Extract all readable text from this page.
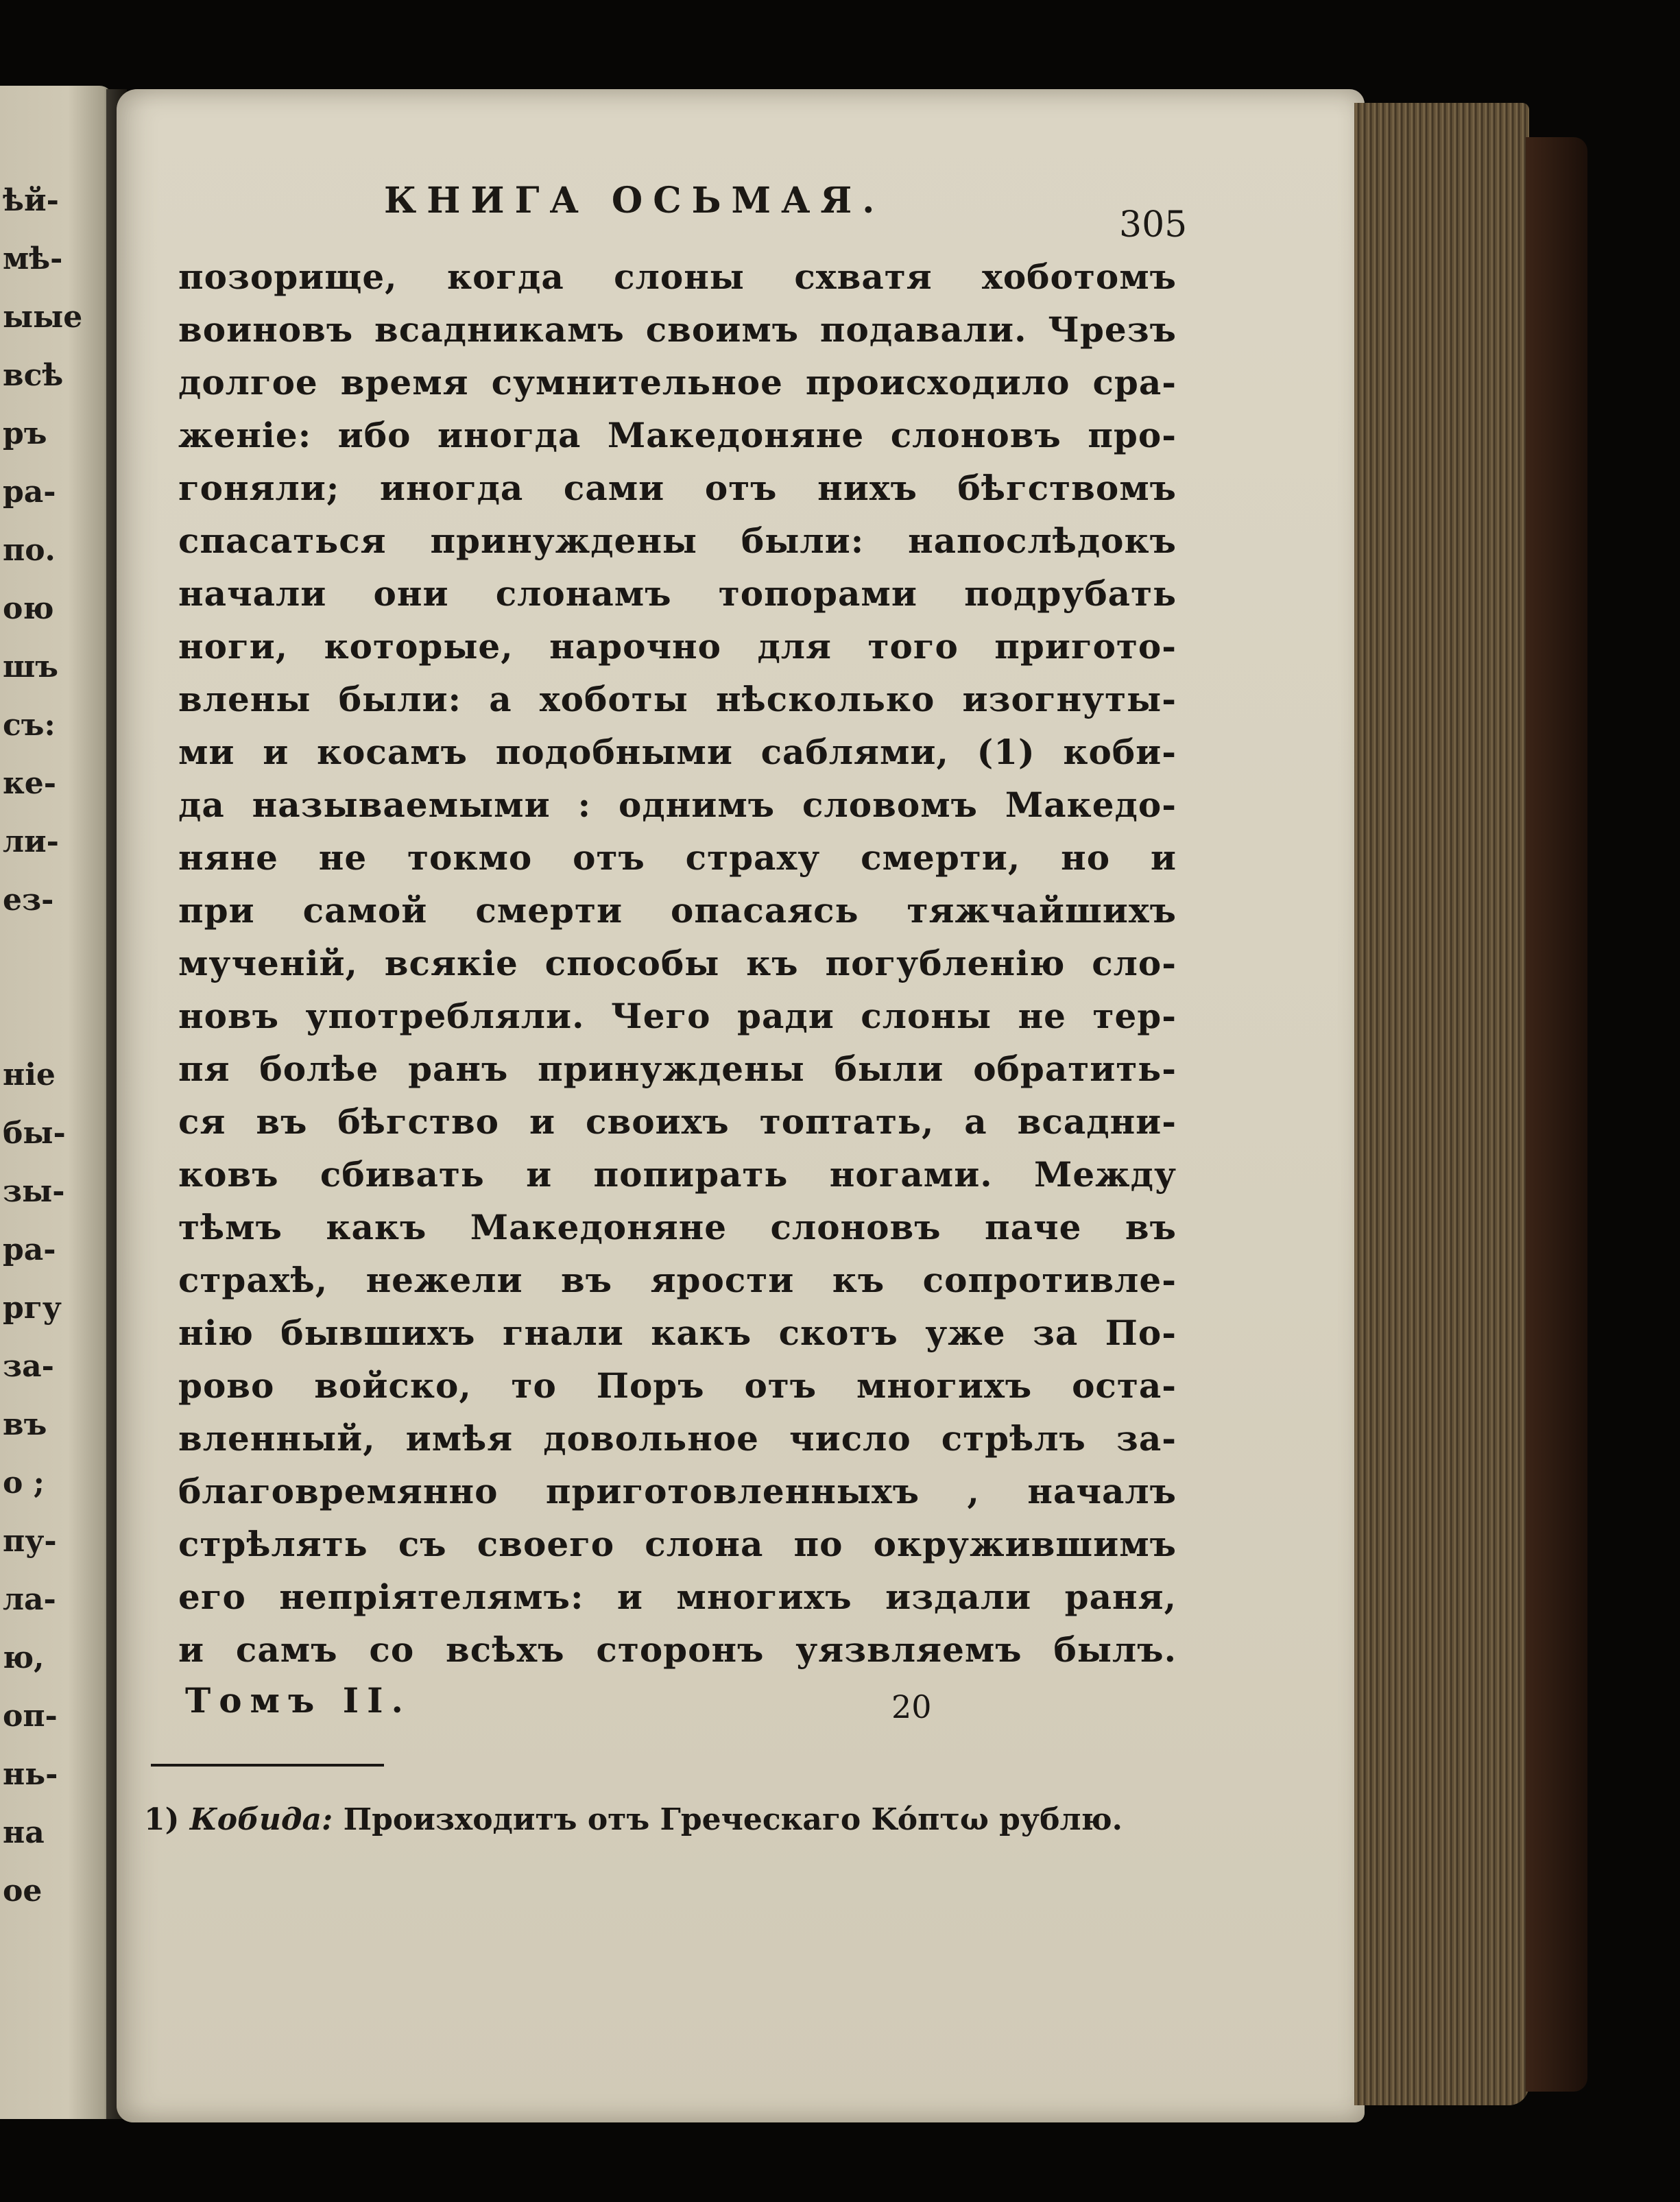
ѣй-
мѣ-
ыые
всѣ
ръ
ра-
по.
ою
шъ
съ:
ке-
ли-
ез-
ніе
бы-
зы-
ра-
ргу
за-
въ
о ;
пу-
ла-
ю,
оп-
нь-
на
ое
КНИГА ОСЬМАЯ.
305
позорище, когда слоны схватя хоботомъ
воиновъ всадникамъ своимъ подавали. Чрезъ
долгое время сумнительное происходило сра-
женіе: ибо иногда Македоняне слоновъ про-
гоняли; иногда сами отъ нихъ бѣгствомъ
спасаться принуждены были: напослѣдокъ
начали они слонамъ топорами подрубать
ноги, которые, нарочно для того пригото-
влены были: а хоботы нѣсколько изогнуты-
ми и косамъ подобными саблями, (1) коби-
да называемыми : однимъ словомъ Македо-
няне не токмо отъ страху смерти, но и
при самой смерти опасаясь тяжчайшихъ
мученій, всякіе способы къ погубленію сло-
новъ употребляли. Чего ради слоны не тер-
пя болѣе ранъ принуждены были обратить-
ся въ бѣгство и своихъ топтать, а всадни-
ковъ сбивать и попирать ногами. Между
тѣмъ какъ Македоняне слоновъ паче въ
страхѣ, нежели въ ярости къ сопротивле-
нію бывшихъ гнали какъ скотъ уже за По-
рово войско, то Поръ отъ многихъ оста-
вленный, имѣя довольное число стрѣлъ за-
благовремянно приготовленныхъ , началъ
стрѣлять съ своего слона по окружившимъ
его непріятелямъ: и многихъ издали раня,
и самъ со всѣхъ сторонъ уязвляемъ былъ.
Томъ II.	20
1) Кобида: Произходитъ отъ Греческаго Κόπτω рублю.
